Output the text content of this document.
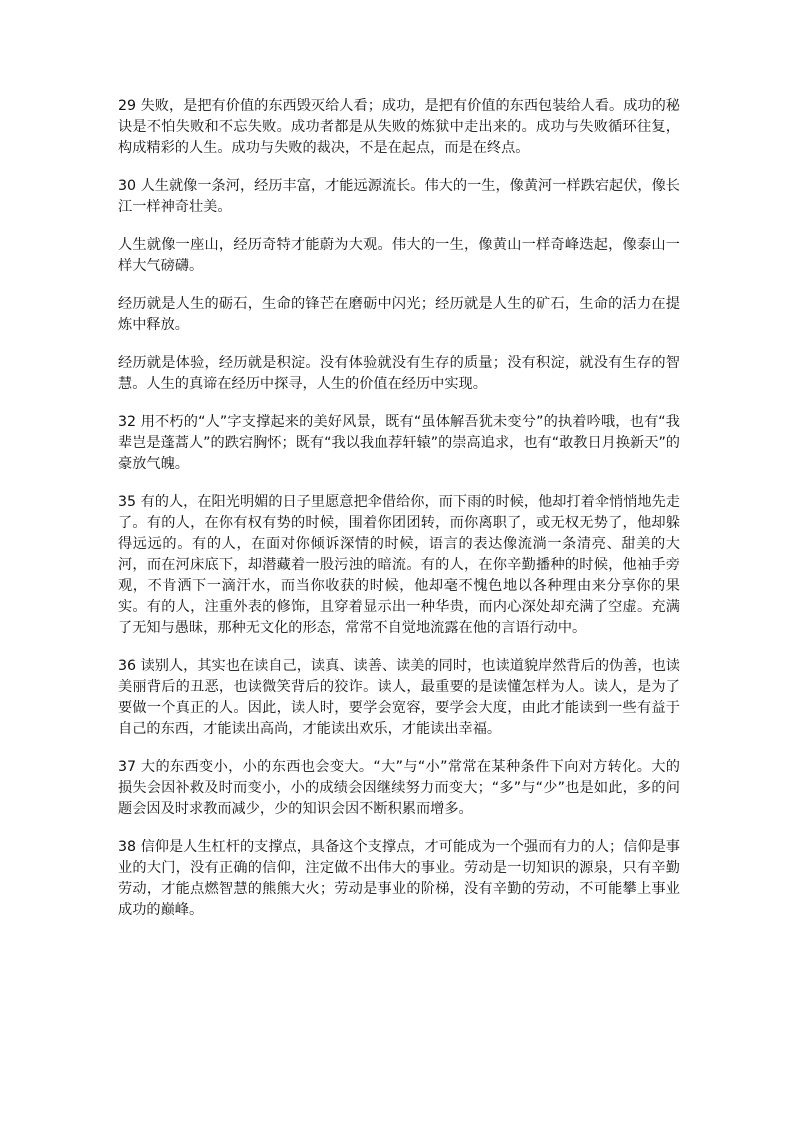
29 失败，是把有价值的东西毁灭给人看；成功，是把有价值的东西包装给人看。成功的秘诀是不怕失败和不忘失败。成功者都是从失败的炼狱中走出来的。成功与失败循环往复，构成精彩的人生。成功与失败的裁决，不是在起点，而是在终点。

30 人生就像一条河，经历丰富，才能远源流长。伟大的一生，像黄河一样跌宕起伏，像长江一样神奇壮美。

人生就像一座山，经历奇特才能蔚为大观。伟大的一生，像黄山一样奇峰迭起，像泰山一样大气磅礴。

经历就是人生的砺石，生命的锋芒在磨砺中闪光；经历就是人生的矿石，生命的活力在提炼中释放。

经历就是体验，经历就是积淀。没有体验就没有生存的质量；没有积淀，就没有生存的智慧。人生的真谛在经历中探寻，人生的价值在经历中实现。

32 用不朽的“人”字支撑起来的美好风景，既有“虽体解吾犹未变兮”的执着吟哦，也有“我辈岂是蓬蒿人”的跌宕胸怀；既有“我以我血荐轩辕”的崇高追求，也有“敢教日月换新天”的豪放气魄。

35 有的人，在阳光明媚的日子里愿意把伞借给你，而下雨的时候，他却打着伞悄悄地先走了。有的人，在你有权有势的时候，围着你团团转，而你离职了，或无权无势了，他却躲得远远的。有的人，在面对你倾诉深情的时候，语言的表达像流淌一条清亮、甜美的大河，而在河床底下，却潜藏着一股污浊的暗流。有的人，在你辛勤播种的时候，他袖手旁观，不肯洒下一滴汗水，而当你收获的时候，他却毫不愧色地以各种理由来分享你的果实。有的人，注重外表的修饰，且穿着显示出一种华贵，而内心深处却充满了空虚。充满了无知与愚昧，那种无文化的形态，常常不自觉地流露在他的言语行动中。

36 读别人，其实也在读自己，读真、读善、读美的同时，也读道貌岸然背后的伪善，也读美丽背后的丑恶，也读微笑背后的狡诈。读人，最重要的是读懂怎样为人。读人，是为了要做一个真正的人。因此，读人时，要学会宽容，要学会大度，由此才能读到一些有益于自己的东西，才能读出高尚，才能读出欢乐，才能读出幸福。

37 大的东西变小，小的东西也会变大。“大”与“小”常常在某种条件下向对方转化。大的损失会因补救及时而变小，小的成绩会因继续努力而变大；“多”与“少”也是如此，多的问题会因及时求教而减少，少的知识会因不断积累而增多。

38 信仰是人生杠杆的支撑点，具备这个支撑点，才可能成为一个强而有力的人；信仰是事业的大门，没有正确的信仰，注定做不出伟大的事业。劳动是一切知识的源泉，只有辛勤劳动，才能点燃智慧的熊熊大火；劳动是事业的阶梯，没有辛勤的劳动，不可能攀上事业成功的巅峰。
